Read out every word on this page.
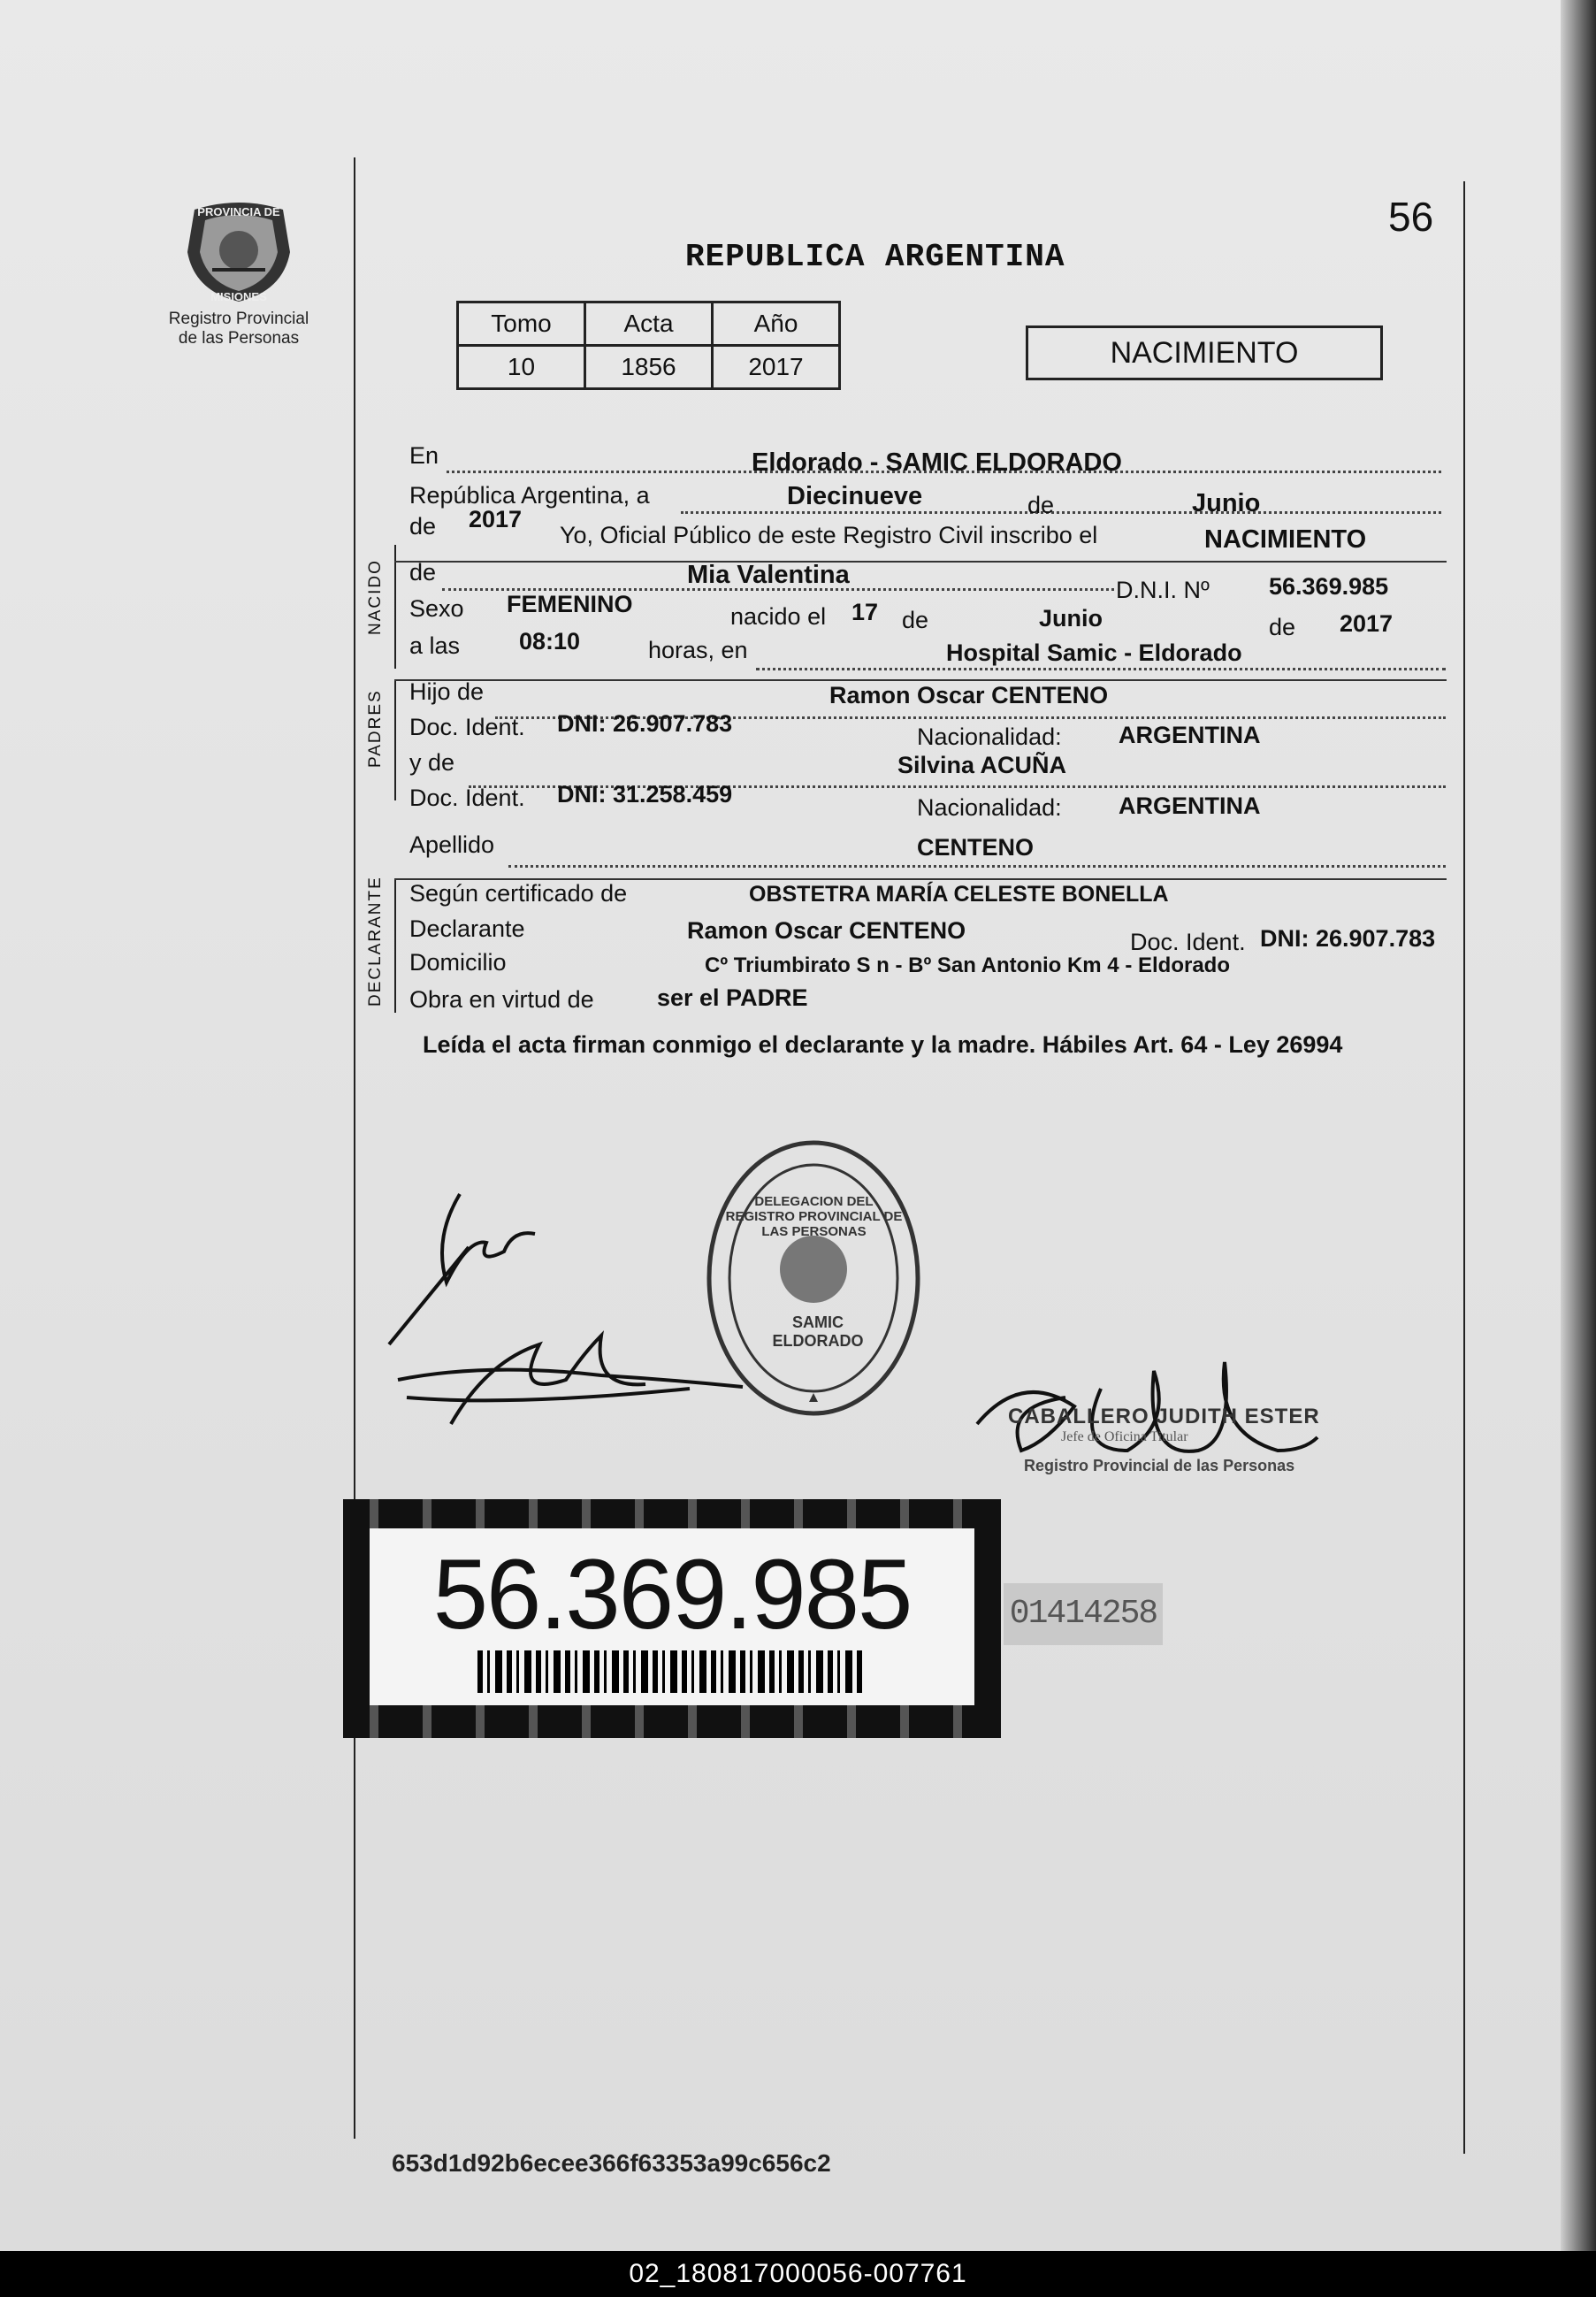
PROVINCIA DE
MISIONES
Registro Provincial
de las Personas
REPUBLICA ARGENTINA
56
Tomo	Acta	Año
10	1856	2017	NACIMIENTO
NACIDO
PADRES
DECLARANTE
En	Eldorado - SAMIC ELDORADO
República Argentina, a	Diecinueve	de	Junio
de 2017
Yo, Oficial Público de este Registro Civil inscribo el	NACIMIENTO
de	Mia Valentina
D.N.I. Nº 56.369.985
Sexo FEMENINO	nacido el 17 de	Junio	de 2017
a las 08:10	horas, en	Hospital Samic - Eldorado
Hijo de	Ramon Oscar CENTENO
Doc. Ident. DNI: 26.907.783	Nacionalidad: ARGENTINA
y de	Silvina ACUÑA
Doc. Ident. DNI: 31.258.459	Nacionalidad: ARGENTINA
Apellido	CENTENO
Según certificado de	OBSTETRA MARÍA CELESTE BONELLA
Declarante	Ramon Oscar CENTENO	Doc. Ident. DNI: 26.907.783
Domicilio	Cº Triumbirato S n - Bº San Antonio Km 4 - Eldorado
Obra en virtud de	ser el PADRE
Leída el acta firman conmigo el declarante y la madre. Hábiles Art. 64 - Ley 26994
DELEGACION DEL REGISTRO PROVINCIAL DE LAS PERSONAS
SAMIC ELDORADO
CABALLERO JUDITH ESTER
Jefe de Oficina Titular
Registro Provincial de las Personas
56.369.985	01414258
653d1d92b6ecee366f63353a99c656c2
02_180817000056-007761
